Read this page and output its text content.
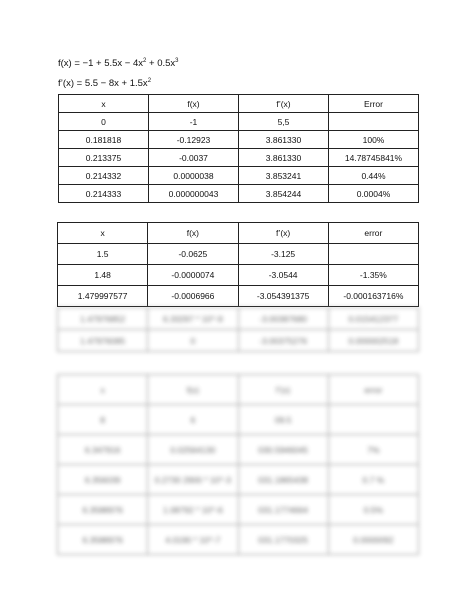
$f(x) = -1 + 5.5x - 4x^2 + 0.5x^3$
f’(x) = $5.5 - 8x + 1.5x^2$
x	f(x)	f’(x)	Error
0	-1	5,5	
0.181818	-0.12923	3.861330	100%
0.213375	-0.0037	3.861330	14.78745841%
0.214332	0.0000038	3.853241	0.44%
0.214333	0.000000043	3.854244	0.0004%
x	f(x)	f’(x)	error
1.5	-0.0625	-3.125	
1.48	-0.0000074	-3.0544	-1.35%
1.479997577	-0.0006966	-3.054391375	-0.000163716%
1.47976852	6.33297 * 10^-9	-3.00387680	0.015412377
1.47976085	0	-3.00375276	0.000002518
x	f(x)	f’(x)	error
8	6	09.5	
6.347916	0.02564130	030.5946045	7%
6.356039	0.2730 2900 * 10^-3	031.1865438	0.7 %
6.3588976	1.08792 * 10^-6	031.1774664	0.5%
6.3588976	4.0190 * 10^-7	031.1770325	0.0000092
